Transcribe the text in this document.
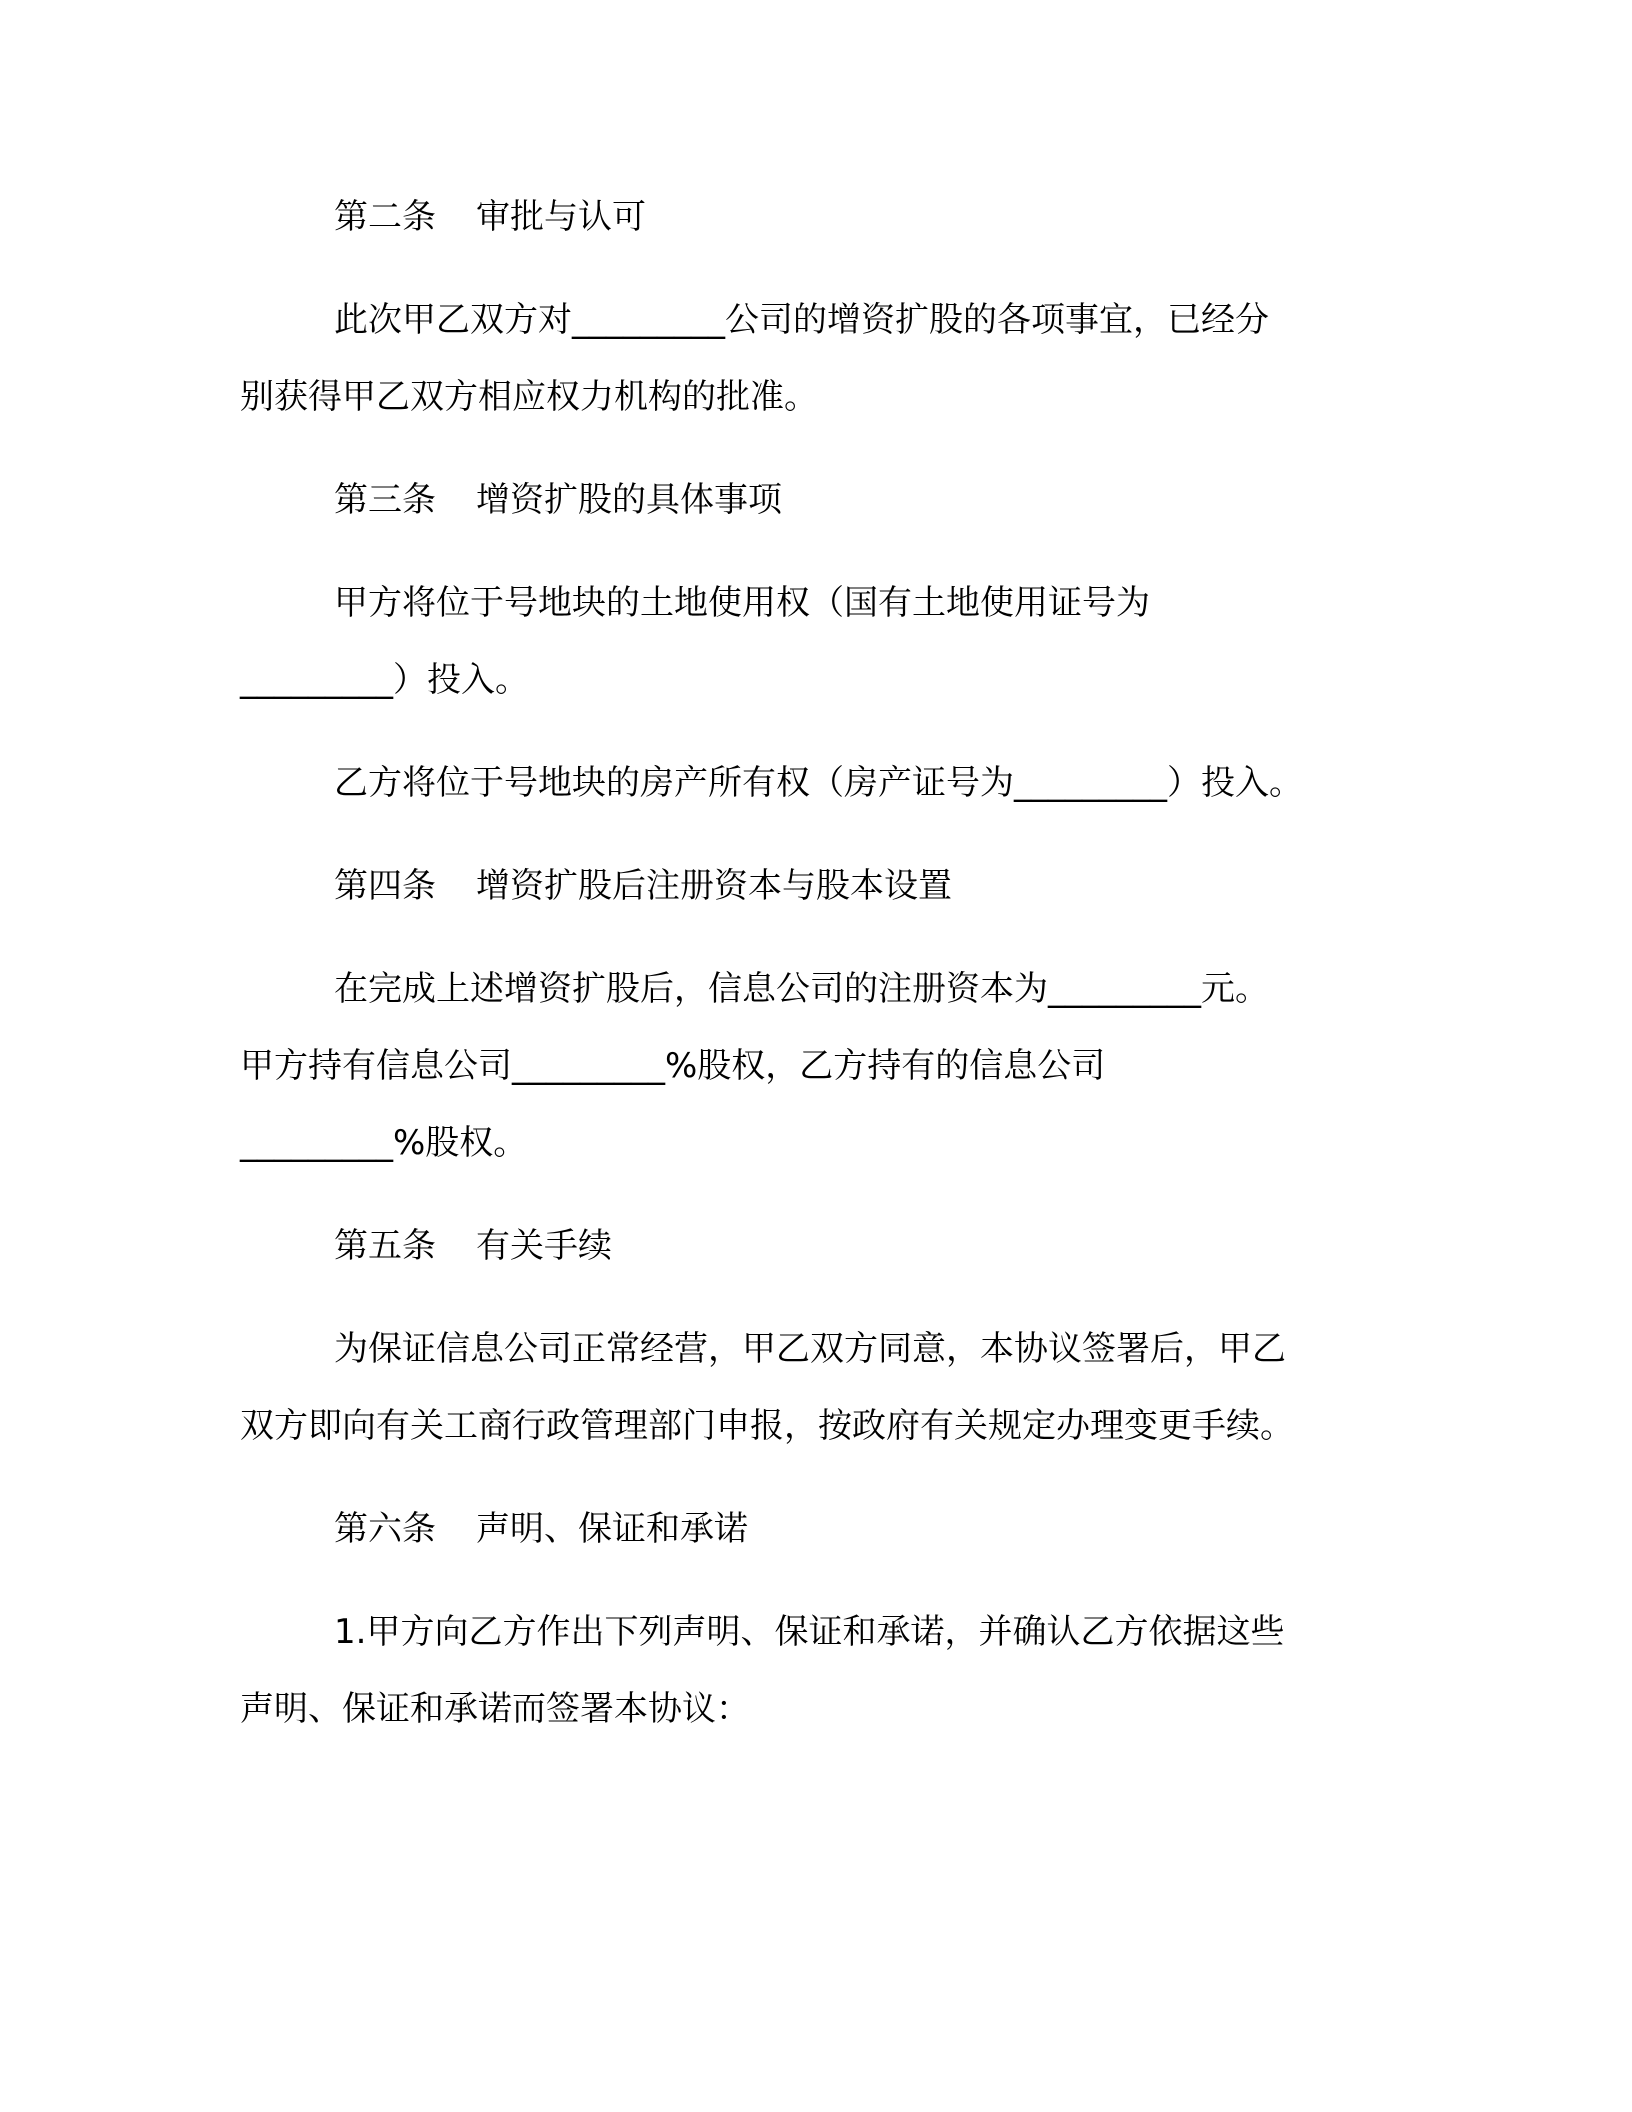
第二条 审批与认可

此次甲乙双方对_________公司的增资扩股的各项事宜，已经分

别获得甲乙双方相应权力机构的批准。

第三条 增资扩股的具体事项

甲方将位于号地块的土地使用权（国有土地使用证号为

_________）投入。

乙方将位于号地块的房产所有权（房产证号为_________）投入。

第四条 增资扩股后注册资本与股本设置

在完成上述增资扩股后，信息公司的注册资本为_________元。

甲方持有信息公司_________%股权，乙方持有的信息公司

_________%股权。

第五条 有关手续

为保证信息公司正常经营，甲乙双方同意，本协议签署后，甲乙

双方即向有关工商行政管理部门申报，按政府有关规定办理变更手续。

第六条 声明、保证和承诺

1.甲方向乙方作出下列声明、保证和承诺，并确认乙方依据这些

声明、保证和承诺而签署本协议：
